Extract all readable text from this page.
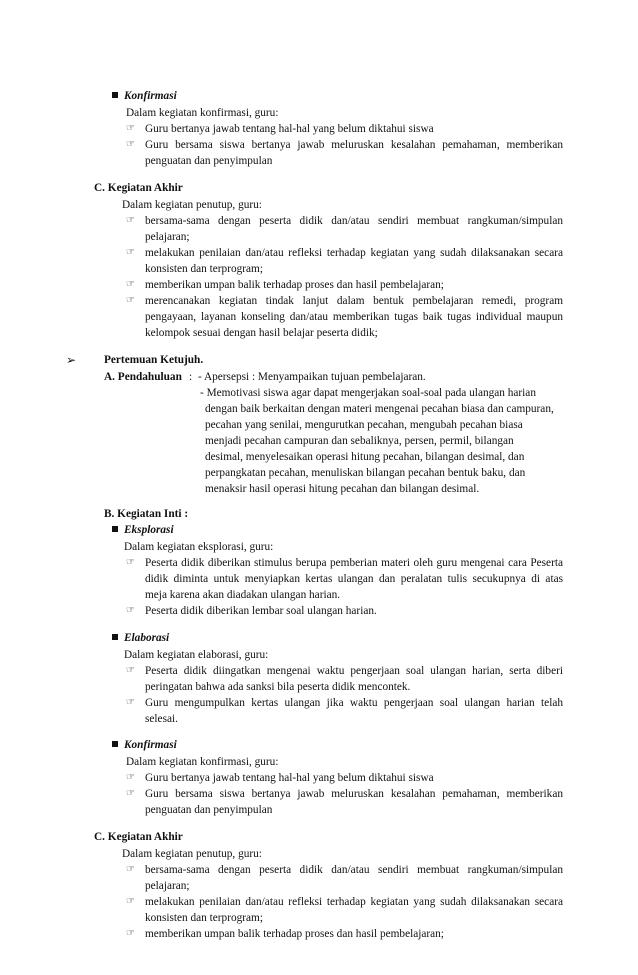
Konfirmasi
Dalam kegiatan konfirmasi, guru:
☞ Guru bertanya jawab tentang hal-hal yang belum diktahui siswa
☞ Guru bersama siswa bertanya jawab meluruskan kesalahan pemahaman, memberikan
penguatan dan penyimpulan
C. Kegiatan Akhir
Dalam kegiatan penutup, guru:
☞ bersama-sama dengan peserta didik dan/atau sendiri membuat rangkuman/simpulan
pelajaran;
☞ melakukan penilaian dan/atau refleksi terhadap kegiatan yang sudah dilaksanakan secara
konsisten dan terprogram;
☞ memberikan umpan balik terhadap proses dan hasil pembelajaran;
☞ merencanakan kegiatan tindak lanjut dalam bentuk pembelajaran remedi, program
pengayaan, layanan konseling dan/atau memberikan tugas baik tugas individual maupun
kelompok sesuai dengan hasil belajar peserta didik;
➢ Pertemuan Ketujuh.
A. Pendahuluan : - Apersepsi : Menyampaikan tujuan pembelajaran.
- Memotivasi siswa agar dapat mengerjakan soal-soal pada ulangan harian
dengan baik berkaitan dengan materi mengenai pecahan biasa dan campuran,
pecahan yang senilai, mengurutkan pecahan, mengubah pecahan biasa
menjadi pecahan campuran dan sebaliknya, persen, permil, bilangan
desimal, menyelesaikan operasi hitung pecahan, bilangan desimal, dan
perpangkatan pecahan, menuliskan bilangan pecahan bentuk baku, dan
menaksir hasil operasi hitung pecahan dan bilangan desimal.
B. Kegiatan Inti :
Eksplorasi
Dalam kegiatan eksplorasi, guru:
☞ Peserta didik diberikan stimulus berupa pemberian materi oleh guru mengenai cara Peserta
didik diminta untuk menyiapkan kertas ulangan dan peralatan tulis secukupnya di atas
meja karena akan diadakan ulangan harian.
☞ Peserta didik diberikan lembar soal ulangan harian.
Elaborasi
Dalam kegiatan elaborasi, guru:
☞ Peserta didik diingatkan mengenai waktu pengerjaan soal ulangan harian, serta diberi
peringatan bahwa ada sanksi bila peserta didik mencontek.
☞ Guru mengumpulkan kertas ulangan jika waktu pengerjaan soal ulangan harian telah
selesai.
Konfirmasi
Dalam kegiatan konfirmasi, guru:
☞ Guru bertanya jawab tentang hal-hal yang belum diktahui siswa
☞ Guru bersama siswa bertanya jawab meluruskan kesalahan pemahaman, memberikan
penguatan dan penyimpulan
C. Kegiatan Akhir
Dalam kegiatan penutup, guru:
☞ bersama-sama dengan peserta didik dan/atau sendiri membuat rangkuman/simpulan
pelajaran;
☞ melakukan penilaian dan/atau refleksi terhadap kegiatan yang sudah dilaksanakan secara
konsisten dan terprogram;
☞ memberikan umpan balik terhadap proses dan hasil pembelajaran;
